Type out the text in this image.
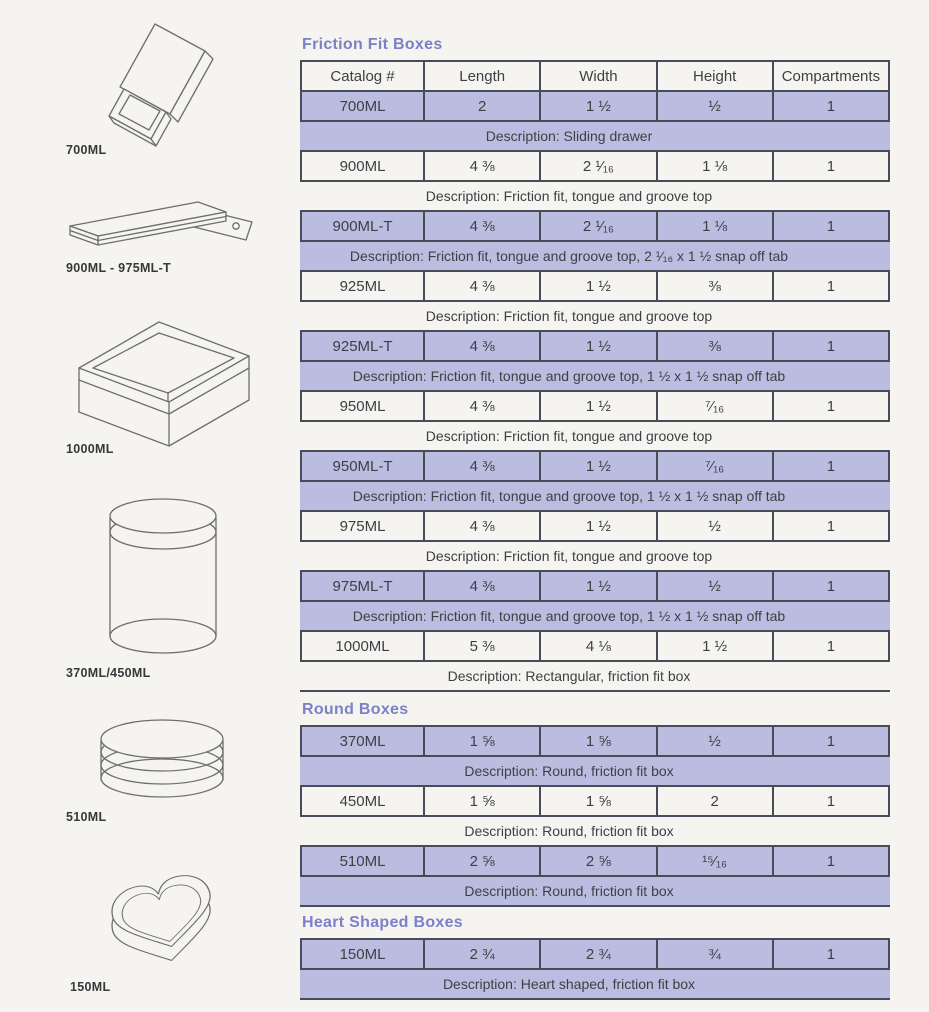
700ML
900ML - 975ML-T
1000ML
370ML/450ML
510ML
150ML
Friction Fit Boxes
Catalog #	Length	Width	Height	Compartments
700ML	2	1 ½	½	1
Description: Sliding drawer
900ML	4 ⅜	2 ¹⁄₁₆	1 ⅛	1
Description: Friction fit, tongue and groove top
900ML-T	4 ⅜	2 ¹⁄₁₆	1 ⅛	1
Description: Friction fit, tongue and groove top, 2 ¹⁄₁₆ x 1 ½ snap off tab
925ML	4 ⅜	1 ½	⅜	1
Description: Friction fit, tongue and groove top
925ML-T	4 ⅜	1 ½	⅜	1
Description: Friction fit, tongue and groove top, 1 ½ x 1 ½ snap off tab
950ML	4 ⅜	1 ½	⁷⁄₁₆	1
Description: Friction fit, tongue and groove top
950ML-T	4 ⅜	1 ½	⁷⁄₁₆	1
Description: Friction fit, tongue and groove top, 1 ½ x 1 ½ snap off tab
975ML	4 ⅜	1 ½	½	1
Description: Friction fit, tongue and groove top
975ML-T	4 ⅜	1 ½	½	1
Description: Friction fit, tongue and groove top, 1 ½ x 1 ½ snap off tab
1000ML	5 ⅜	4 ⅛	1 ½	1
Description: Rectangular, friction fit box
Round Boxes
370ML	1 ⅝	1 ⅝	½	1
Description: Round, friction fit box
450ML	1 ⅝	1 ⅝	2	1
Description: Round, friction fit box
510ML	2 ⅝	2 ⅝	¹⁵⁄₁₆	1
Description: Round, friction fit box
Heart Shaped Boxes
150ML	2 ¾	2 ¾	¾	1
Description: Heart shaped, friction fit box
